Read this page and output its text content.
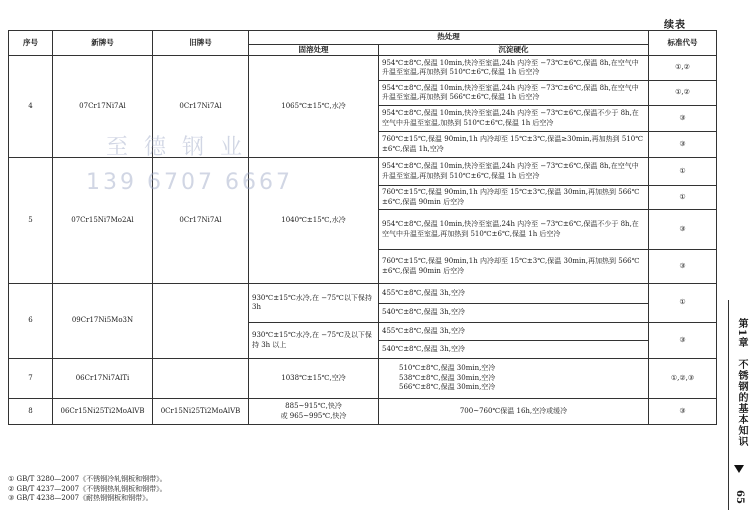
续表
序号	新牌号	旧牌号	热处理		标准代号
			固溶处理	沉淀硬化	
4	07Cr17Ni7Al	0Cr17Ni7Al	1065℃±15℃,水冷	954℃±8℃,保温 10min,快冷至室温,24h 内冷至 −73℃±6℃,保温 8h,在空气中升温至室温,再加热到 510℃±6℃,保温 1h 后空冷	①,②
				954℃±8℃,保温 10min,快冷至室温,24h 内冷至 −73℃±6℃,保温 8h,在空气中升温至室温,再加热到 566℃±6℃,保温 1h 后空冷	①,②
				954℃±8℃,保温 10min,快冷至室温,24h 内冷至 −73℃±6℃,保温不少于 8h,在空气中升温至室温,加热到 510℃±6℃,保温 1h 后空冷	③
				760℃±15℃,保温 90min,1h 内冷却至 15℃±3℃,保温≥30min,再加热到 510℃±6℃,保温 1h,空冷	③
5	07Cr15Ni7Mo2Al	0Cr17Ni7Al	1040℃±15℃,水冷	954℃±8℃,保温 10min,快冷至室温,24h 内冷至 −73℃±6℃,保温 8h,在空气中升温至室温,再加热到 510℃±6℃,保温 1h 后空冷	①
				760℃±15℃,保温 90min,1h 内冷却至 15℃±3℃,保温 30min,再加热到 566℃±6℃,保温 90min 后空冷	①
				954℃±8℃,保温 10min,快冷至室温,24h 内冷至 −73℃±6℃,保温不少于 8h,在空气中升温至室温,再加热到 510℃±6℃,保温 1h 后空冷	③
				760℃±15℃,保温 90min,1h 内冷却至 15℃±3℃,保温 30min,再加热到 566℃±6℃,保温 90min 后空冷	③
6	09Cr17Ni5Mo3N		930℃±15℃水冷,在 −75℃以下保持 3h	455℃±8℃,保温 3h,空冷	①
				540℃±8℃,保温 3h,空冷	
			930℃±15℃水冷,在 −75℃及以下保持 3h 以上	455℃±8℃,保温 3h,空冷	③
				540℃±8℃,保温 3h,空冷	
7	06Cr17Ni7AlTi		1038℃±15℃,空冷	510℃±8℃,保温 30min,空冷
538℃±8℃,保温 30min,空冷
566℃±8℃,保温 30min,空冷	①,②,③
8	06Cr15Ni25Ti2MoAlVB	0Cr15Ni25Ti2MoAlVB	885~915℃,快冷
或 965~995℃,快冷	700~760℃保温 16h,空冷或缓冷	③
至德钢业
139 6707 6667
① GB/T 3280—2007《不锈钢冷轧钢板和钢带》。
② GB/T 4237—2007《不锈钢热轧钢板和钢带》。
③ GB/T 4238—2007《耐热钢钢板和钢带》。
第1章　不锈钢的基本知识
65
